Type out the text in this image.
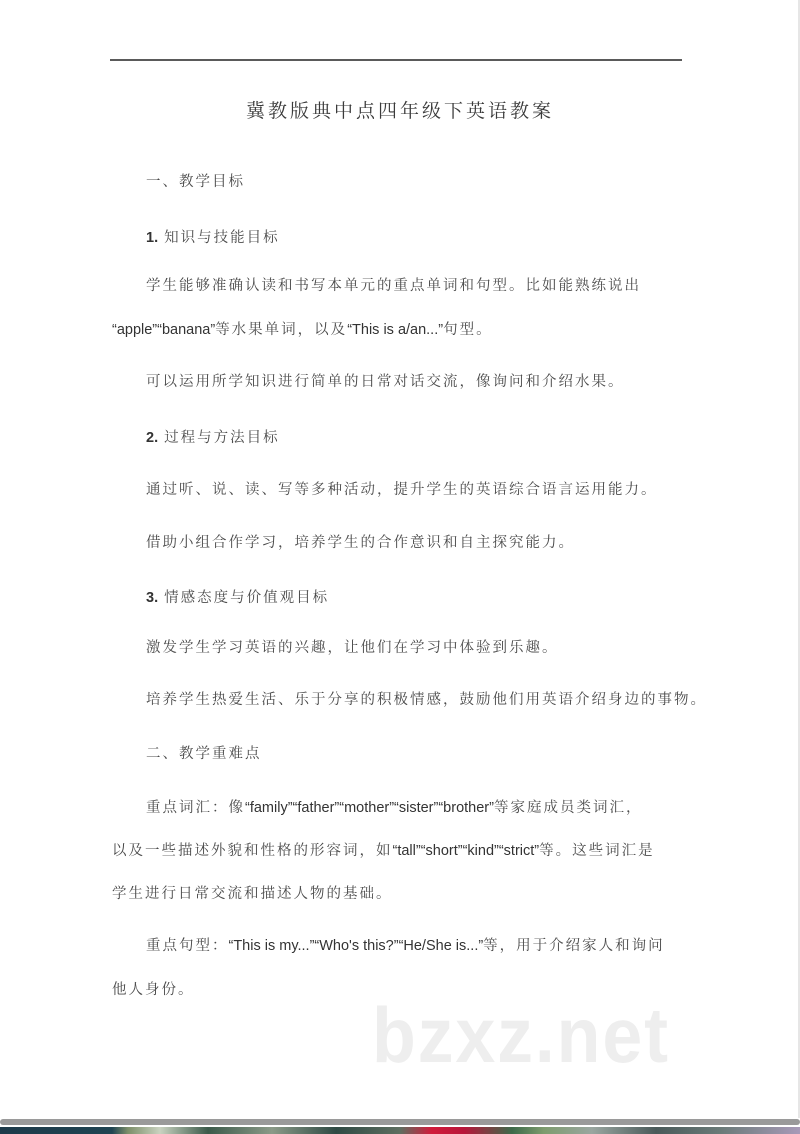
冀教版典中点四年级下英语教案
一、教学目标
1. 知识与技能目标
学生能够准确认读和书写本单元的重点单词和句型。比如能熟练说出
“apple”“banana”等水果单词，以及“This is a/an...”句型。
可以运用所学知识进行简单的日常对话交流，像询问和介绍水果。
2. 过程与方法目标
通过听、说、读、写等多种活动，提升学生的英语综合语言运用能力。
借助小组合作学习，培养学生的合作意识和自主探究能力。
3. 情感态度与价值观目标
激发学生学习英语的兴趣，让他们在学习中体验到乐趣。
培养学生热爱生活、乐于分享的积极情感，鼓励他们用英语介绍身边的事物。
二、教学重难点
重点词汇：像“family”“father”“mother”“sister”“brother”等家庭成员类词汇，
以及一些描述外貌和性格的形容词，如“tall”“short”“kind”“strict”等。这些词汇是
学生进行日常交流和描述人物的基础。
重点句型：“This is my...”“Who's this?”“He/She is...”等，用于介绍家人和询问
他人身份。
bzxz.net
